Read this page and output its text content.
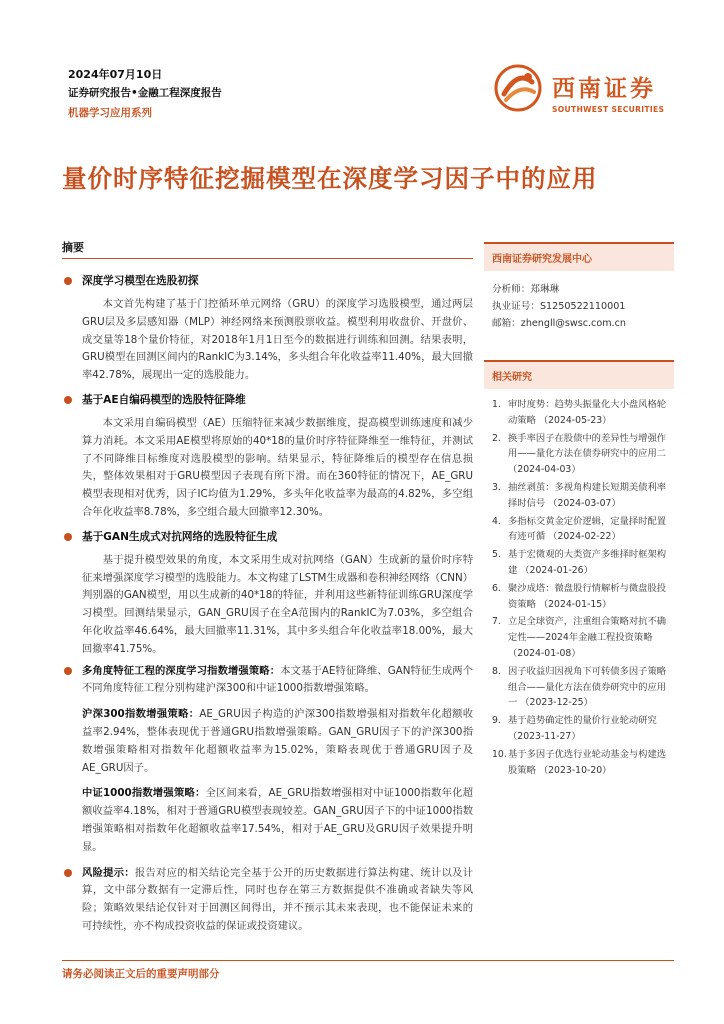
2024年07月10日
证券研究报告•金融工程深度报告
机器学习应用系列
西南证券
SOUTHWEST SECURITIES
量价时序特征挖掘模型在深度学习因子中的应用
摘要
深度学习模型在选股初探

本文首先构建了基于门控循环单元网络（GRU）的深度学习选股模型，通过两层GRU层及多层感知器（MLP）神经网络来预测股票收益。模型利用收盘价、开盘价、成交量等18个量价特征，对2018年1月1日至今的数据进行训练和回测。结果表明，GRU模型在回测区间内的RankIC为3.14%，多头组合年化收益率11.40%，最大回撤率42.78%，展现出一定的选股能力。

基于AE自编码模型的选股特征降维

本文采用自编码模型（AE）压缩特征来减少数据维度，提高模型训练速度和减少算力消耗。本文采用AE模型将原始的40*18的量价时序特征降维至一维特征，并测试了不同降维目标维度对选股模型的影响。结果显示，特征降维后的模型存在信息损失，整体效果相对于GRU模型因子表现有所下滑。而在360特征的情况下，AE_GRU模型表现相对优秀，因子IC均值为1.29%，多头年化收益率为最高的4.82%，多空组合年化收益率8.78%，多空组合最大回撤率12.30%。

基于GAN生成式对抗网络的选股特征生成

基于提升模型效果的角度，本文采用生成对抗网络（GAN）生成新的量价时序特征来增强深度学习模型的选股能力。本文构建了LSTM生成器和卷积神经网络（CNN）判别器的GAN模型，用以生成新的40*18的特征，并利用这些新特征训练GRU深度学习模型。回测结果显示，GAN_GRU因子在全A范围内的RankIC为7.03%，多空组合年化收益率46.64%，最大回撤率11.31%，其中多头组合年化收益率18.00%，最大回撤率41.75%。

多角度特征工程的深度学习指数增强策略：本文基于AE特征降维、GAN特征生成两个不同角度特征工程分别构建沪深300和中证1000指数增强策略。

沪深300指数增强策略：AE_GRU因子构造的沪深300指数增强相对指数年化超额收益率2.94%，整体表现优于普通GRU指数增强策略。GAN_GRU因子下的沪深300指数增强策略相对指数年化超额收益率为15.02%，策略表现优于普通GRU因子及AE_GRU因子。

中证1000指数增强策略：全区间来看，AE_GRU指数增强相对中证1000指数年化超额收益率4.18%，相对于普通GRU模型表现较差。GAN_GRU因子下的中证1000指数增强策略相对指数年化超额收益率17.54%，相对于AE_GRU及GRU因子效果提升明显。

风险提示：报告对应的相关结论完全基于公开的历史数据进行算法构建、统计以及计算，文中部分数据有一定滞后性，同时也存在第三方数据提供不准确或者缺失等风险；策略效果结论仅针对于回测区间得出，并不预示其未来表现，也不能保证未来的可持续性，亦不构成投资收益的保证或投资建议。
西南证券研究发展中心
分析师：郑琳琳
执业证号：S1250522110001
邮箱：zhengll@swsc.com.cn
相关研究
1. 审时度势：趋势头振量化大小盘风格轮动策略 （2024-05-23）
2. 换手率因子在股债中的差异性与增强作用——量化方法在债券研究中的应用二 （2024-04-03）
3. 抽丝剥茧：多视角构建长短期美债利率择时信号 （2024-03-07）
4. 多指标交黄金定价逻辑，定量择时配置有迹可循 （2024-02-22）
5. 基于宏微观的大类资产多维择时框架构建 （2024-01-26）
6. 聚沙成塔：微盘股行情解析与微盘股投资策略 （2024-01-15）
7. 立足全球资产，注重组合策略对抗不确定性——2024年金融工程投资策略（2024-01-08）
8. 因子收益归因视角下可转债多因子策略组合——量化方法在债券研究中的应用一 （2023-12-25）
9. 基于趋势确定性的量价行业轮动研究（2023-11-27）
10. 基于多因子优选行业轮动基金与构建选股策略 （2023-10-20）
请务必阅读正文后的重要声明部分
